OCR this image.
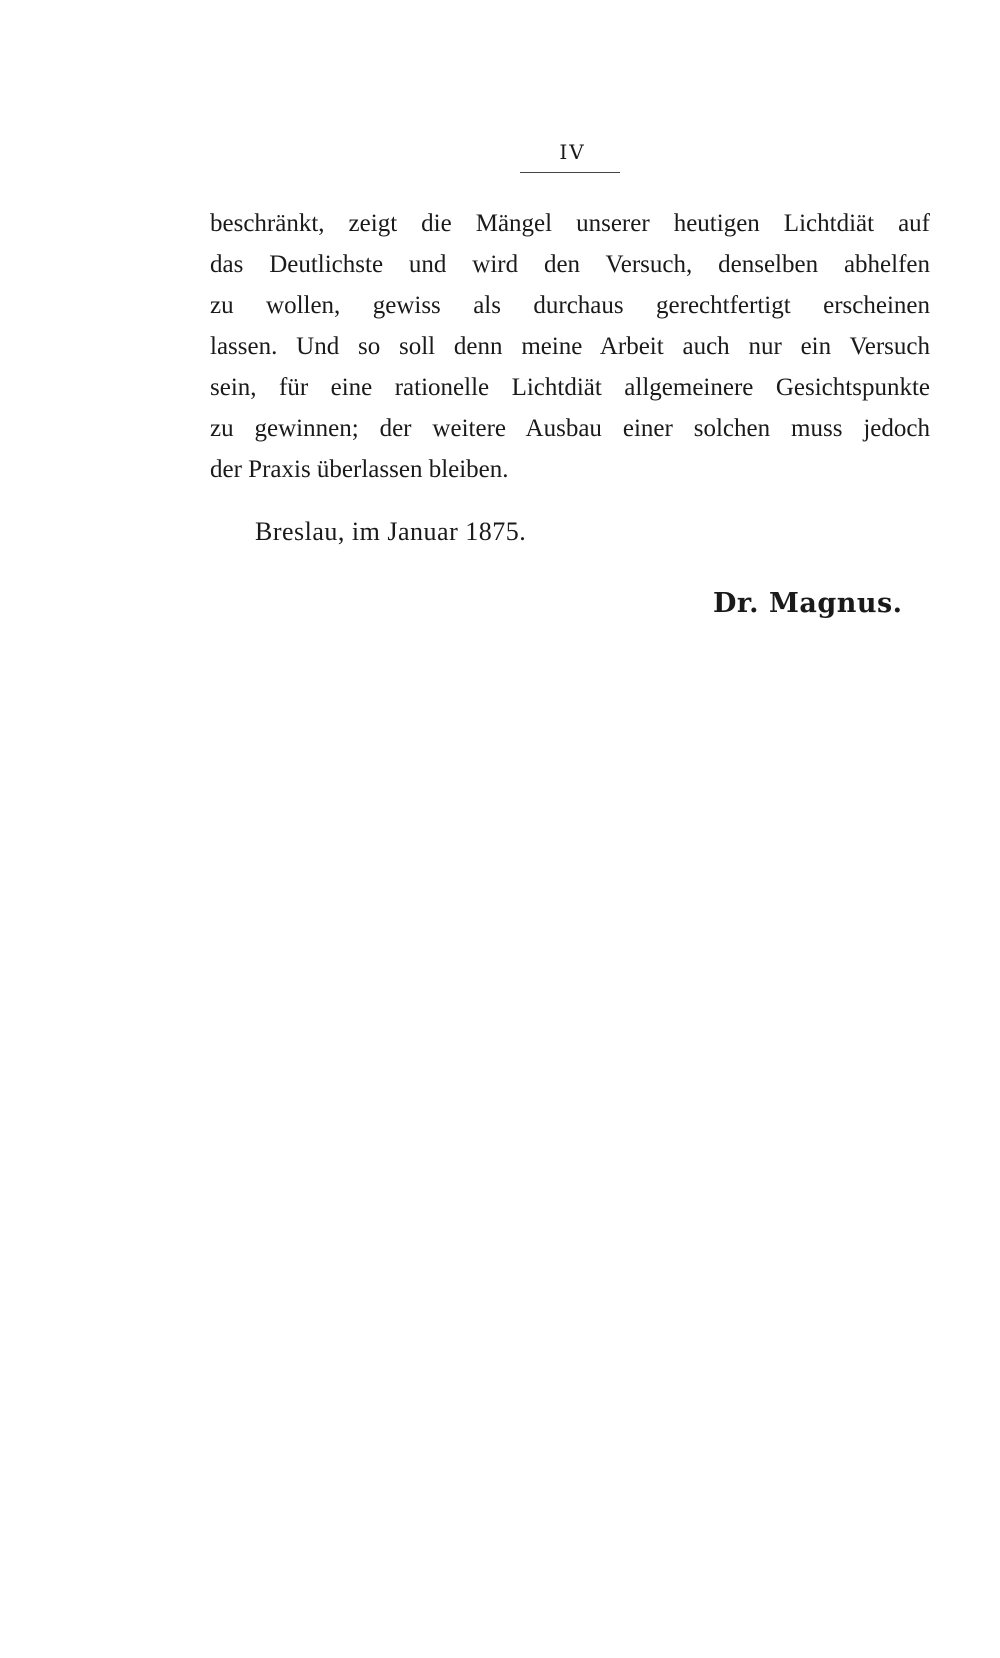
IV

beschränkt, zeigt die Mängel unserer heutigen Lichtdiät auf
das Deutlichste und wird den Versuch, denselben abhelfen
zu wollen, gewiss als durchaus gerechtfertigt erscheinen
lassen. Und so soll denn meine Arbeit auch nur ein Versuch
sein, für eine rationelle Lichtdiät allgemeinere Gesichtspunkte
zu gewinnen; der weitere Ausbau einer solchen muss jedoch
der Praxis überlassen bleiben.

Breslau, im Januar 1875.
Dr. Magnus.
